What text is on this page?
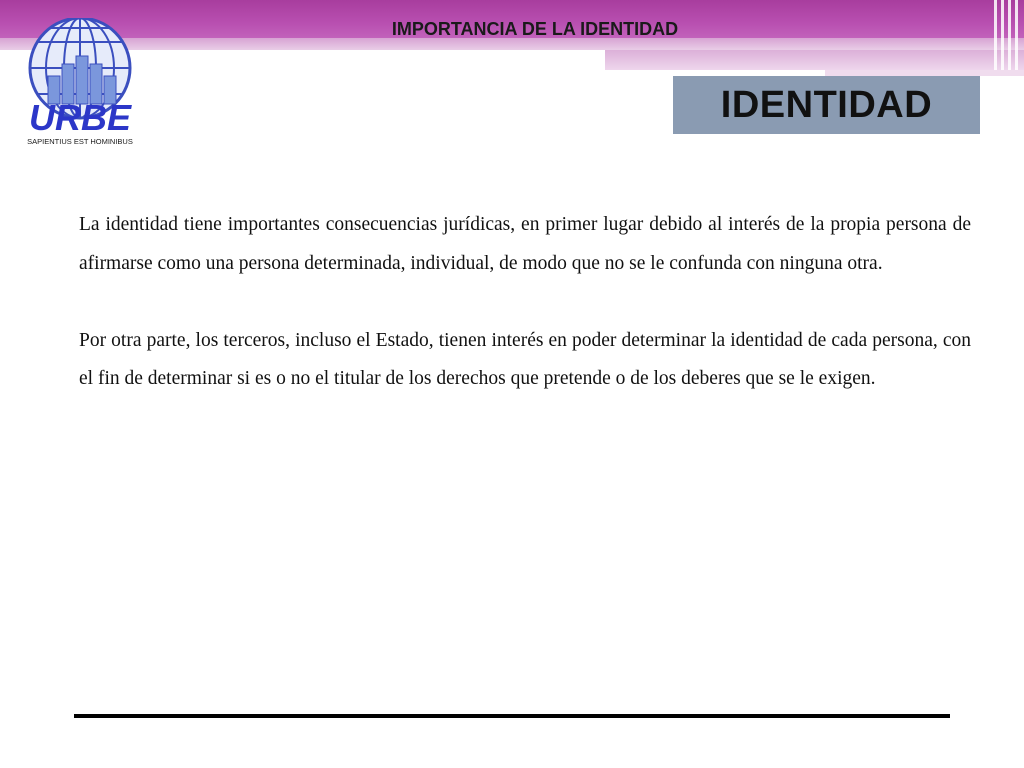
IMPORTANCIA DE LA IDENTIDAD
URBE
SAPIENTIUS EST HOMINIBUS
IDENTIDAD

La identidad tiene importantes consecuencias jurídicas, en primer lugar debido al interés de la propia persona de afirmarse como una persona determinada, individual, de modo que no se le confunda con ninguna otra.

Por otra parte, los terceros, incluso el Estado, tienen interés en poder determinar la identidad de cada persona, con el fin de determinar si es o no el titular de los derechos que pretende o de los deberes que se le exigen.
